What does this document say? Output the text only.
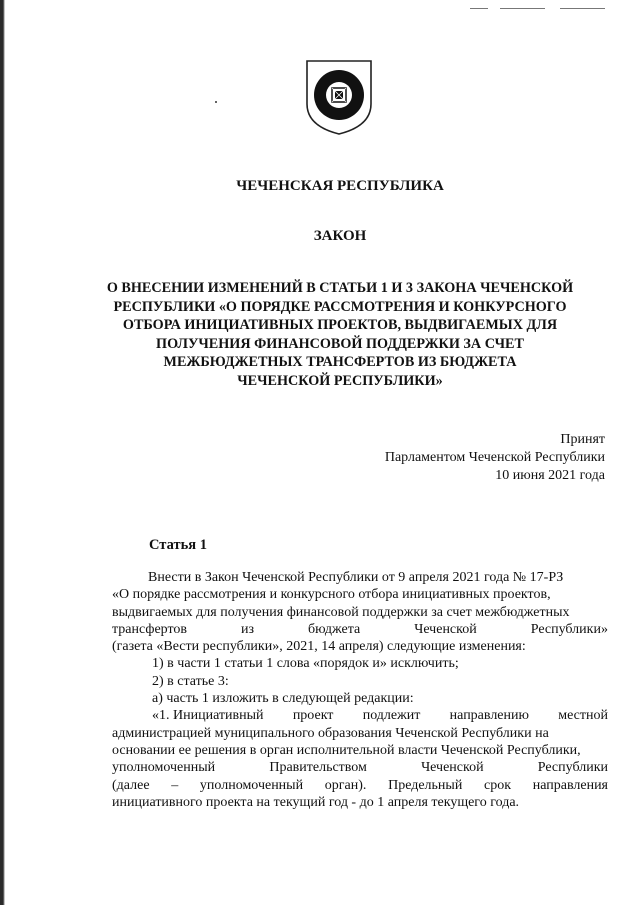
ЧЕЧЕНСКАЯ РЕСПУБЛИКА
ЗАКОН
О ВНЕСЕНИИ ИЗМЕНЕНИЙ В СТАТЬИ 1 И 3 ЗАКОНА ЧЕЧЕНСКОЙ
РЕСПУБЛИКИ «О ПОРЯДКЕ РАССМОТРЕНИЯ И КОНКУРСНОГО
ОТБОРА ИНИЦИАТИВНЫХ ПРОЕКТОВ, ВЫДВИГАЕМЫХ ДЛЯ
ПОЛУЧЕНИЯ ФИНАНСОВОЙ ПОДДЕРЖКИ ЗА СЧЕТ
МЕЖБЮДЖЕТНЫХ ТРАНСФЕРТОВ ИЗ БЮДЖЕТА
ЧЕЧЕНСКОЙ РЕСПУБЛИКИ»
Принят
Парламентом Чеченской Республики
10 июня 2021 года
Статья 1
Внести в Закон Чеченской Республики от 9 апреля 2021 года № 17-РЗ
«О порядке рассмотрения и конкурсного отбора инициативных проектов,
выдвигаемых для получения финансовой поддержки за счет межбюджетных
трансфертов	из	бюджета	Чеченской	Республики»
(газета «Вести республики», 2021, 14 апреля) следующие изменения:
1) в части 1 статьи 1 слова «порядок и» исключить;
2) в статье 3:
а) часть 1 изложить в следующей редакции:
«1. Инициативный проект подлежит направлению местной
администрацией муниципального образования Чеченской Республики на
основании ее решения в орган исполнительной власти Чеченской Республики,
уполномоченный	Правительством	Чеченской	Республики
(далее – уполномоченный орган). Предельный срок направления
инициативного проекта на текущий год - до 1 апреля текущего года.
